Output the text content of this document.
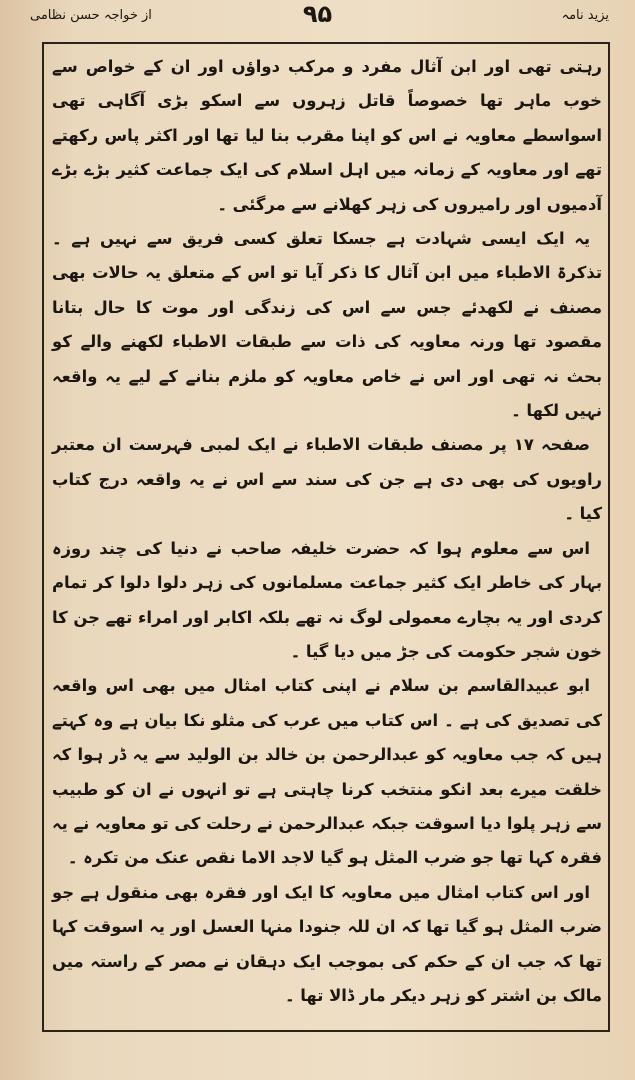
از خواجہ حسن نظامی	۹۵	یزید نامہ

رہتی تھی اور ابن آثال مفرد و مرکب دواؤں اور ان کے خواص سے خوب ماہر تھا خصوصاً قاتل زہروں سے اسکو بڑی آگاہی تھی اسواسطے معاویہ نے اس کو اپنا مقرب بنا لیا تھا اور اکثر پاس رکھتے تھے اور معاویہ کے زمانہ میں اہل اسلام کی ایک جماعت کثیر بڑے بڑے آدمیوں اور رامیروں کی زہر کھلانے سے مرگئی ۔

یہ ایک ایسی شہادت ہے جسکا تعلق کسی فریق سے نہیں ہے ۔ تذکرۃ الاطباء میں ابن آثال کا ذکر آیا تو اس کے متعلق یہ حالات بھی مصنف نے لکھدئے جس سے اس کی زندگی اور موت کا حال بتانا مقصود تھا ورنہ معاویہ کی ذات سے طبقات الاطباء لکھنے والے کو بحث نہ تھی اور اس نے خاص معاویہ کو ملزم بنانے کے لیے یہ واقعہ نہیں لکھا ۔

صفحہ ۱۷ پر مصنف طبقات الاطباء نے ایک لمبی فہرست ان معتبر راویوں کی بھی دی ہے جن کی سند سے اس نے یہ واقعہ درج کتاب کیا ۔

اس سے معلوم ہوا کہ حضرت خلیفہ صاحب نے دنیا کی چند روزہ بہار کی خاطر ایک کثیر جماعت مسلمانوں کی زہر دلوا دلوا کر تمام کردی اور یہ بچارے معمولی لوگ نہ تھے بلکہ اکابر اور امراء تھے جن کا خون شجر حکومت کی جڑ میں دیا گیا ۔

ابو عبیدالقاسم بن سلام نے اپنی کتاب امثال میں بھی اس واقعہ کی تصدیق کی ہے ۔ اس کتاب میں عرب کی مثلو نکا بیان ہے وہ کہتے ہیں کہ جب معاویہ کو عبدالرحمن بن خالد بن الولید سے یہ ڈر ہوا کہ خلقت میرے بعد انکو منتخب کرنا چاہتی ہے تو انہوں نے ان کو طبیب سے زہر پلوا دیا اسوقت جبکہ عبدالرحمن نے رحلت کی تو معاویہ نے یہ فقرہ کہا تھا جو ضرب المثل ہو گیا لاجد الاما نقص عنک من تکرہ ۔

اور اس کتاب امثال میں معاویہ کا ایک اور فقرہ بھی منقول ہے جو ضرب المثل ہو گیا تھا کہ ان للہ جنودا منہا العسل اور یہ اسوقت کہا تھا کہ جب ان کے حکم کی بموجب ایک دہقان نے مصر کے راستہ میں مالک بن اشتر کو زہر دیکر مار ڈالا تھا ۔
